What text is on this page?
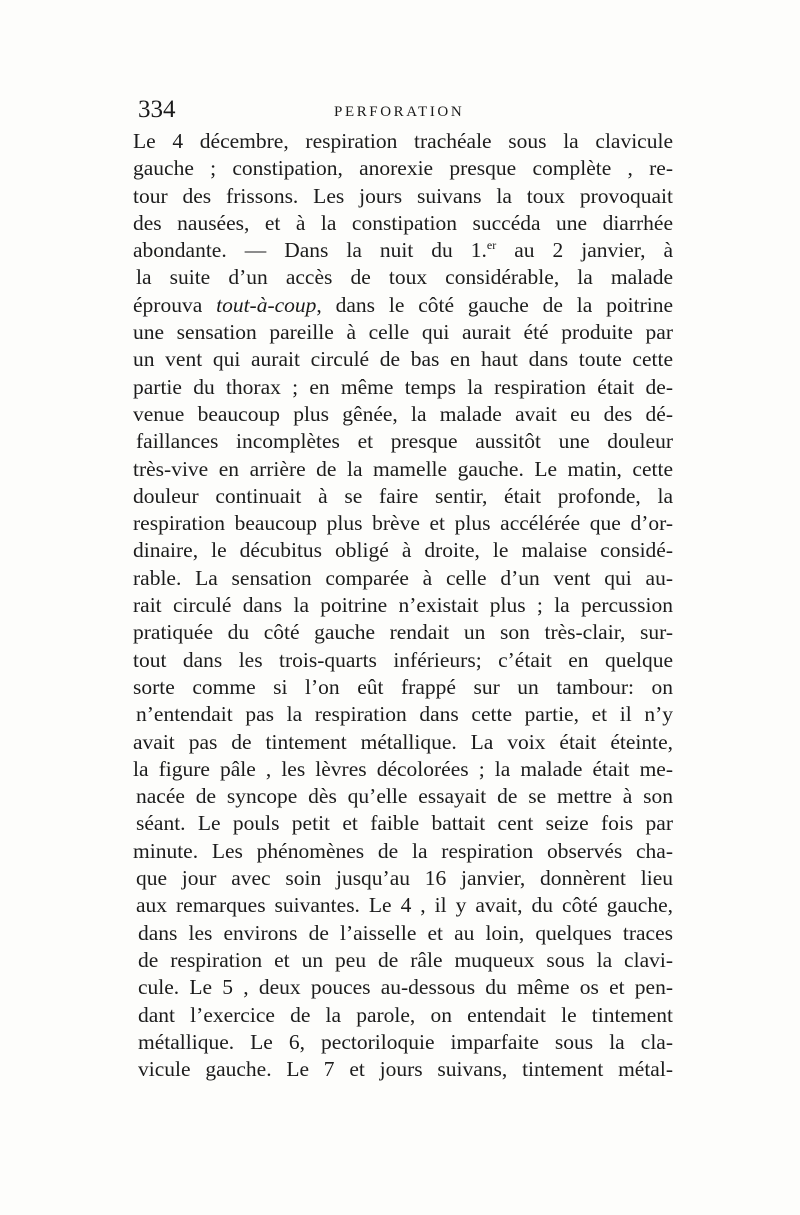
334	PERFORATION
Le 4 décembre, respiration trachéale sous la clavicule
gauche ; constipation, anorexie presque complète , re-
tour des frissons. Les jours suivans la toux provoquait
des nausées, et à la constipation succéda une diarrhée
abondante. — Dans la nuit du 1.$^{er}$ au 2 janvier, à
la suite d’un accès de toux considérable, la malade
éprouva tout-à-coup, dans le côté gauche de la poitrine
une sensation pareille à celle qui aurait été produite par
un vent qui aurait circulé de bas en haut dans toute cette
partie du thorax ; en même temps la respiration était de-
venue beaucoup plus gênée, la malade avait eu des dé-
faillances incomplètes et presque aussitôt une douleur
très-vive en arrière de la mamelle gauche. Le matin, cette
douleur continuait à se faire sentir, était profonde, la
respiration beaucoup plus brève et plus accélérée que d’or-
dinaire, le décubitus obligé à droite, le malaise considé-
rable. La sensation comparée à celle d’un vent qui au-
rait circulé dans la poitrine n’existait plus ; la percussion
pratiquée du côté gauche rendait un son très-clair, sur-
tout dans les trois-quarts inférieurs; c’était en quelque
sorte comme si l’on eût frappé sur un tambour: on
n’entendait pas la respiration dans cette partie, et il n’y
avait pas de tintement métallique. La voix était éteinte,
la figure pâle , les lèvres décolorées ; la malade était me-
nacée de syncope dès qu’elle essayait de se mettre à son
séant. Le pouls petit et faible battait cent seize fois par
minute. Les phénomènes de la respiration observés cha-
que jour avec soin jusqu’au 16 janvier, donnèrent lieu
aux remarques suivantes. Le 4 , il y avait, du côté gauche,
dans les environs de l’aisselle et au loin, quelques traces
de respiration et un peu de râle muqueux sous la clavi-
cule. Le 5 , deux pouces au-dessous du même os et pen-
dant l’exercice de la parole, on entendait le tintement
métallique. Le 6, pectoriloquie imparfaite sous la cla-
vicule gauche. Le 7 et jours suivans, tintement métal-
